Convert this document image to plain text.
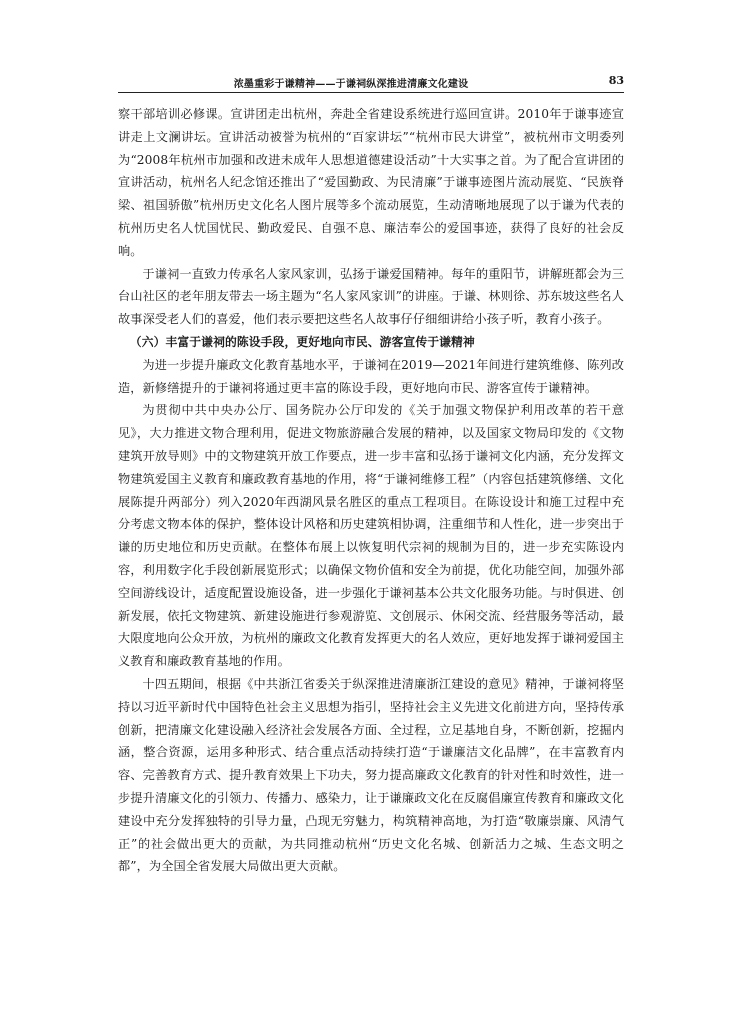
浓墨重彩于谦精神——于谦祠纵深推进清廉文化建设	83

察干部培训必修课。宣讲团走出杭州，奔赴全省建设系统进行巡回宣讲。2010年于谦事迹宣讲走上文澜讲坛。宣讲活动被誉为杭州的“百家讲坛”“杭州市民大讲堂”，被杭州市文明委列为“2008年杭州市加强和改进未成年人思想道德建设活动”十大实事之首。为了配合宣讲团的宣讲活动，杭州名人纪念馆还推出了“爱国勤政、为民清廉”于谦事迹图片流动展览、“民族脊梁、祖国骄傲”杭州历史文化名人图片展等多个流动展览，生动清晰地展现了以于谦为代表的杭州历史名人忧国忧民、勤政爱民、自强不息、廉洁奉公的爱国事迹，获得了良好的社会反响。

于谦祠一直致力传承名人家风家训，弘扬于谦爱国精神。每年的重阳节，讲解班都会为三台山社区的老年朋友带去一场主题为“名人家风家训”的讲座。于谦、林则徐、苏东坡这些名人故事深受老人们的喜爱，他们表示要把这些名人故事仔仔细细讲给小孩子听，教育小孩子。

（六）丰富于谦祠的陈设手段，更好地向市民、游客宣传于谦精神

为进一步提升廉政文化教育基地水平，于谦祠在2019—2021年间进行建筑维修、陈列改造，新修缮提升的于谦祠将通过更丰富的陈设手段，更好地向市民、游客宣传于谦精神。

为贯彻中共中央办公厅、国务院办公厅印发的《关于加强文物保护利用改革的若干意见》，大力推进文物合理利用，促进文物旅游融合发展的精神，以及国家文物局印发的《文物建筑开放导则》中的文物建筑开放工作要点，进一步丰富和弘扬于谦祠文化内涵，充分发挥文物建筑爱国主义教育和廉政教育基地的作用，将“于谦祠维修工程”（内容包括建筑修缮、文化展陈提升两部分）列入2020年西湖风景名胜区的重点工程项目。在陈设设计和施工过程中充分考虑文物本体的保护，整体设计风格和历史建筑相协调，注重细节和人性化，进一步突出于谦的历史地位和历史贡献。在整体布展上以恢复明代宗祠的规制为目的，进一步充实陈设内容，利用数字化手段创新展览形式；以确保文物价值和安全为前提，优化功能空间，加强外部空间游线设计，适度配置设施设备，进一步强化于谦祠基本公共文化服务功能。与时俱进、创新发展，依托文物建筑、新建设施进行参观游览、文创展示、休闲交流、经营服务等活动，最大限度地向公众开放，为杭州的廉政文化教育发挥更大的名人效应，更好地发挥于谦祠爱国主义教育和廉政教育基地的作用。

十四五期间，根据《中共浙江省委关于纵深推进清廉浙江建设的意见》精神，于谦祠将坚持以习近平新时代中国特色社会主义思想为指引，坚持社会主义先进文化前进方向，坚持传承创新，把清廉文化建设融入经济社会发展各方面、全过程，立足基地自身，不断创新，挖掘内涵，整合资源，运用多种形式、结合重点活动持续打造“于谦廉洁文化品牌”，在丰富教育内容、完善教育方式、提升教育效果上下功夫，努力提高廉政文化教育的针对性和时效性，进一步提升清廉文化的引领力、传播力、感染力，让于谦廉政文化在反腐倡廉宣传教育和廉政文化建设中充分发挥独特的引导力量，凸现无穷魅力，构筑精神高地，为打造“敬廉崇廉、风清气正”的社会做出更大的贡献，为共同推动杭州“历史文化名城、创新活力之城、生态文明之都”，为全国全省发展大局做出更大贡献。
